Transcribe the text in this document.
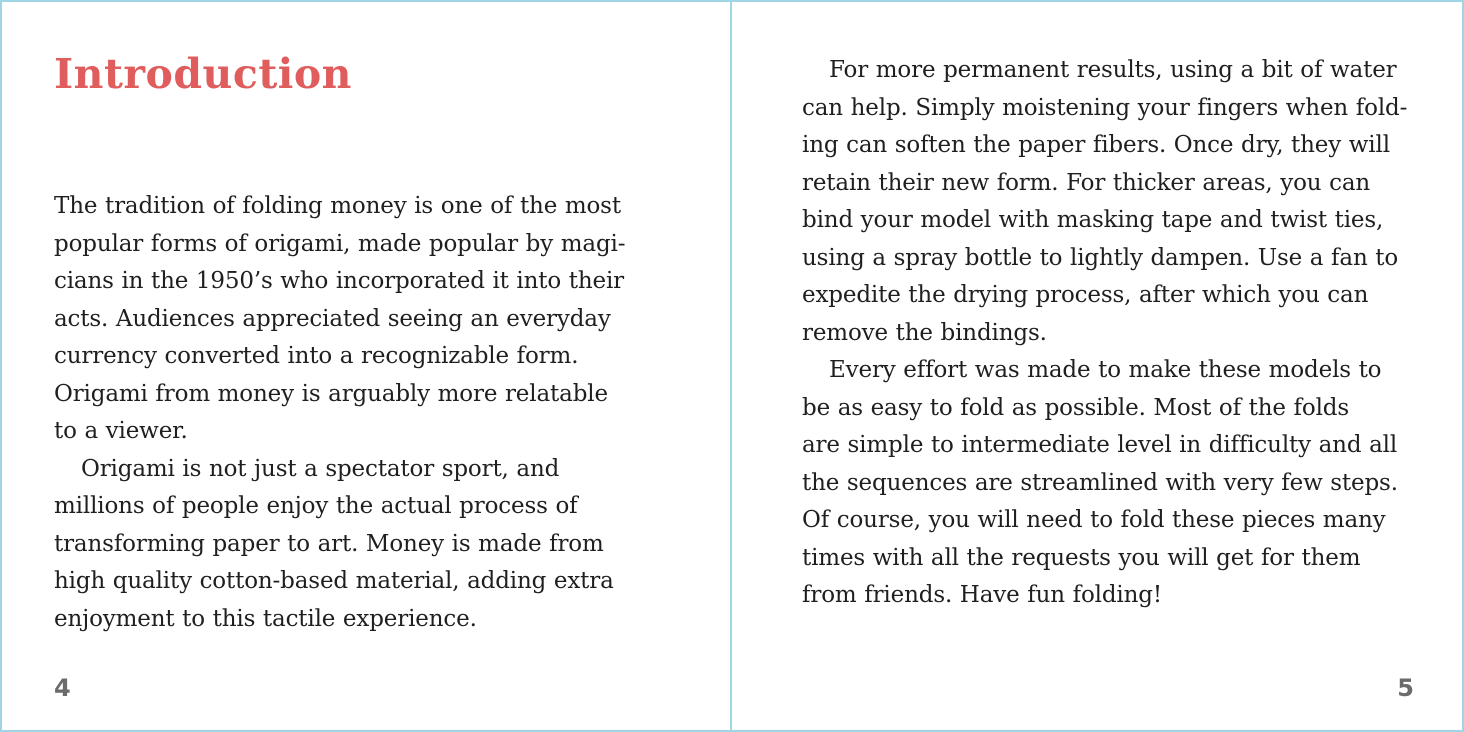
Introduction
The tradition of folding money is one of the most
popular forms of origami, made popular by magi-
cians in the 1950’s who incorporated it into their
acts. Audiences appreciated seeing an everyday
currency converted into a recognizable form.
Origami from money is arguably more relatable
to a viewer.
Origami is not just a spectator sport, and
millions of people enjoy the actual process of
transforming paper to art. Money is made from
high quality cotton-based material, adding extra
enjoyment to this tactile experience.
4
For more permanent results, using a bit of water
can help. Simply moistening your fingers when fold-
ing can soften the paper fibers. Once dry, they will
retain their new form. For thicker areas, you can
bind your model with masking tape and twist ties,
using a spray bottle to lightly dampen. Use a fan to
expedite the drying process, after which you can
remove the bindings.
Every effort was made to make these models to
be as easy to fold as possible. Most of the folds
are simple to intermediate level in difficulty and all
the sequences are streamlined with very few steps.
Of course, you will need to fold these pieces many
times with all the requests you will get for them
from friends. Have fun folding!
5
